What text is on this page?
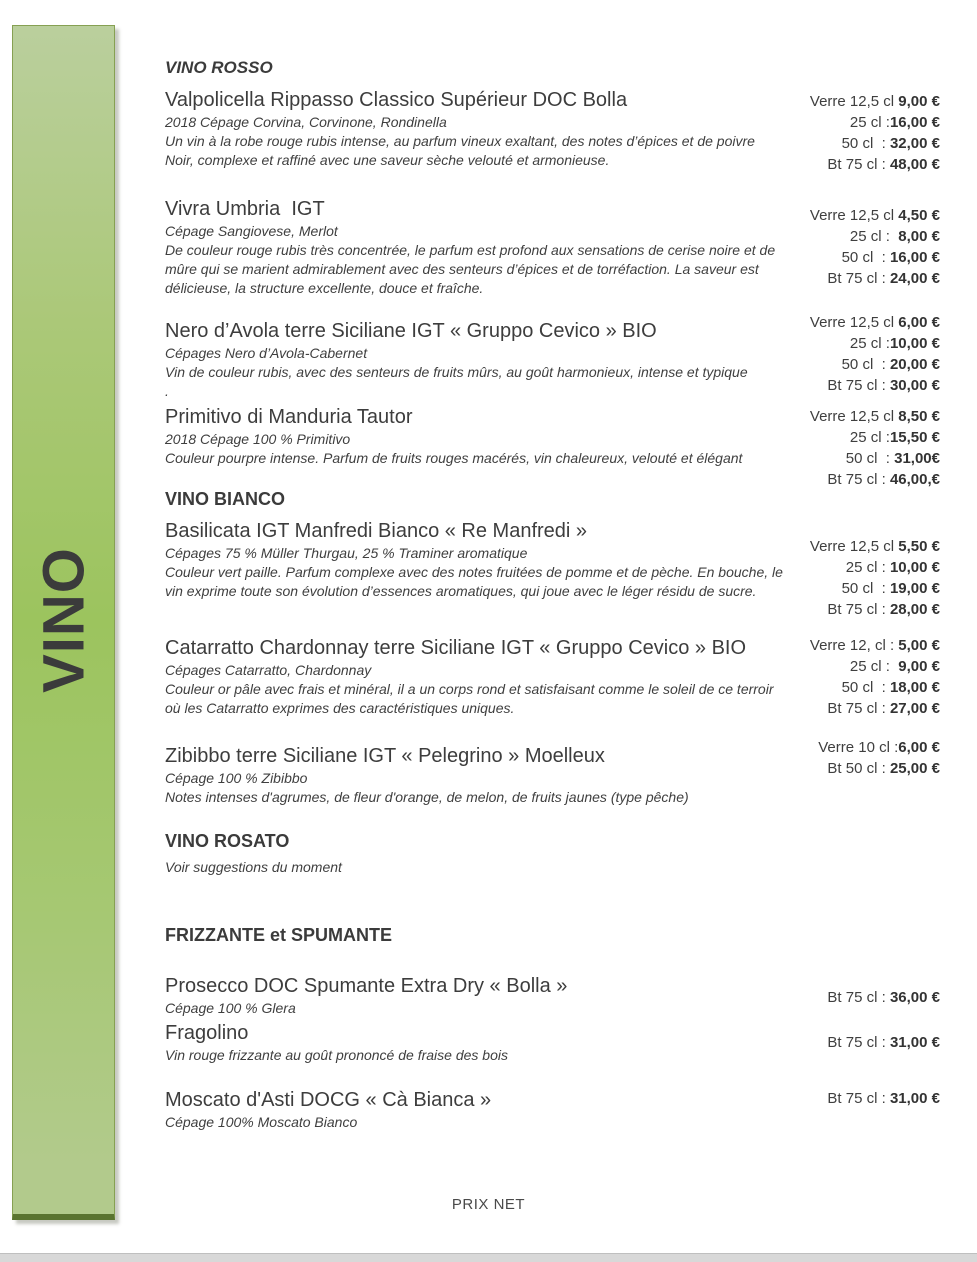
VINO
VINO ROSSO
Valpolicella Rippasso Classico Supérieur DOC Bolla
2018 Cépage Corvina, Corvinone, Rondinella
Un vin à la robe rouge rubis intense, au parfum vineux exaltant, des notes d’épices et de poivre
Noir, complexe et raffiné avec une saveur sèche velouté et armonieuse.
Verre 12,5 cl 9,00 €
25 cl :16,00 €
50 cl  : 32,00 €
Bt 75 cl : 48,00 €
Vivra Umbria  IGT
Cépage Sangiovese, Merlot
De couleur rouge rubis très concentrée, le parfum est profond aux sensations de cerise noire et de
mûre qui se marient admirablement avec des senteurs d’épices et de torréfaction. La saveur est
délicieuse, la structure excellente, douce et fraîche.
Verre 12,5 cl 4,50 €
25 cl :  8,00 €
50 cl  : 16,00 €
Bt 75 cl : 24,00 €
Nero d’Avola terre Siciliane IGT « Gruppo Cevico » BIO
Cépages Nero d’Avola-Cabernet
Vin de couleur rubis, avec des senteurs de fruits mûrs, au goût harmonieux, intense et typique
.
Verre 12,5 cl 6,00 €
25 cl :10,00 €
50 cl  : 20,00 €
Bt 75 cl : 30,00 €
Primitivo di Manduria Tautor
2018 Cépage 100 % Primitivo
Couleur pourpre intense. Parfum de fruits rouges macérés, vin chaleureux, velouté et élégant
Verre 12,5 cl 8,50 €
25 cl :15,50 €
50 cl  : 31,00€
Bt 75 cl : 46,00,€
VINO BIANCO
Basilicata IGT Manfredi Bianco « Re Manfredi »
Cépages 75 % Müller Thurgau, 25 % Traminer aromatique
Couleur vert paille. Parfum complexe avec des notes fruitées de pomme et de pèche. En bouche, le
vin exprime toute son évolution d’essences aromatiques, qui joue avec le léger résidu de sucre.
Verre 12,5 cl 5,50 €
25 cl : 10,00 €
50 cl  : 19,00 €
Bt 75 cl : 28,00 €
Catarratto Chardonnay terre Siciliane IGT « Gruppo Cevico » BIO
Cépages Catarratto, Chardonnay
Couleur or pâle avec frais et minéral, il a un corps rond et satisfaisant comme le soleil de ce terroir
où les Catarratto exprimes des caractéristiques uniques.
Verre 12, cl : 5,00 €
25 cl :  9,00 €
50 cl  : 18,00 €
Bt 75 cl : 27,00 €
Zibibbo terre Siciliane IGT « Pelegrino » Moelleux
Cépage 100 % Zibibbo
Notes intenses d'agrumes, de fleur d'orange, de melon, de fruits jaunes (type pêche)
Verre 10 cl :6,00 €
Bt 50 cl : 25,00 €
VINO ROSATO
Voir suggestions du moment
FRIZZANTE et SPUMANTE
Prosecco DOC Spumante Extra Dry « Bolla »
Cépage 100 % Glera
Bt 75 cl : 36,00 €
Fragolino
Vin rouge frizzante au goût prononcé de fraise des bois
Bt 75 cl : 31,00 €
Moscato d'Asti DOCG « Cà Bianca »
Cépage 100% Moscato Bianco
Bt 75 cl : 31,00 €
PRIX NET
